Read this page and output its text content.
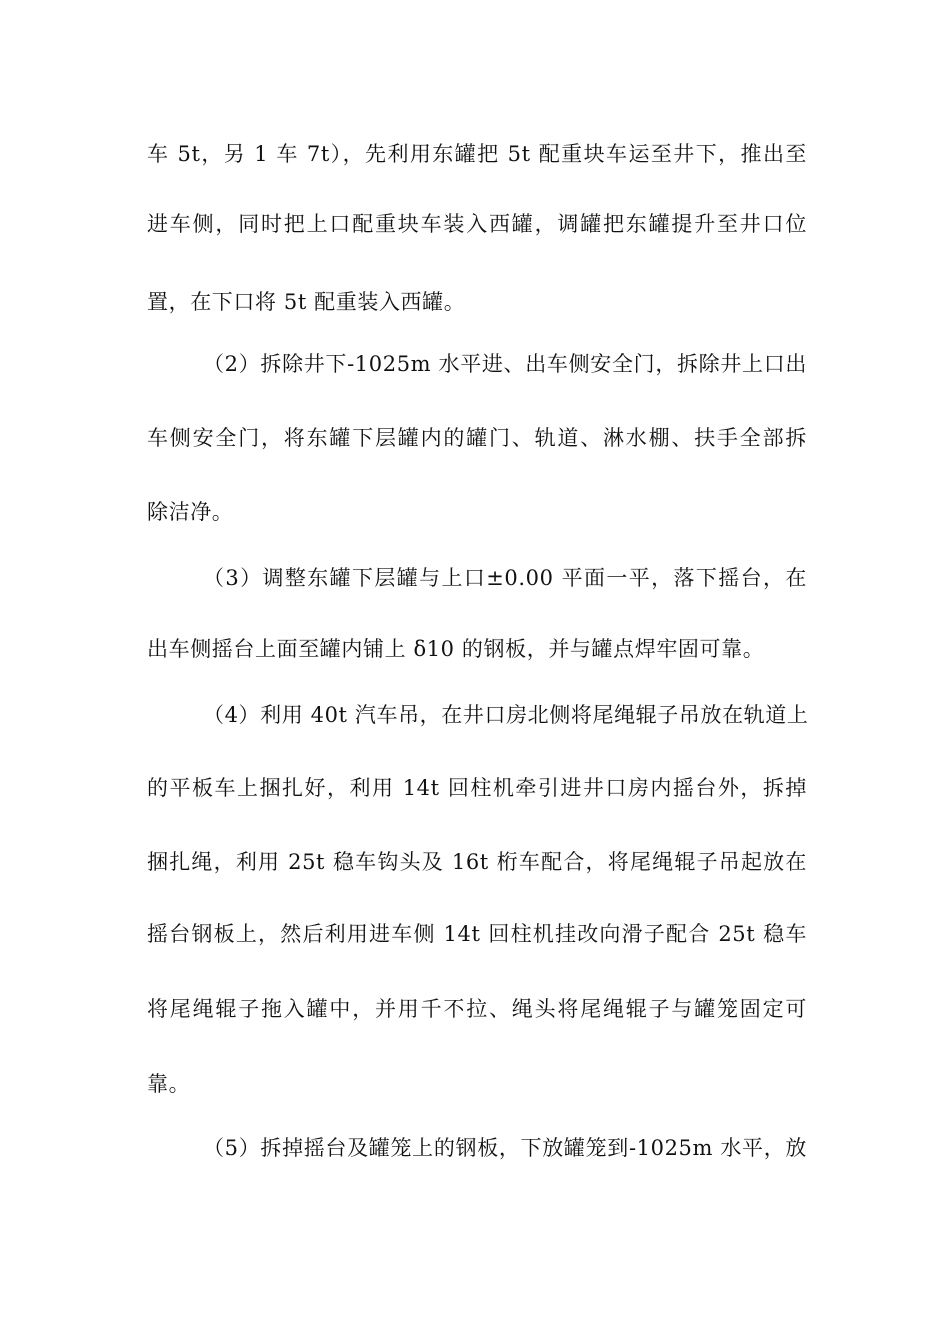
车 5t，另 1 车 7t），先利用东罐把 5t 配重块车运至井下，推出至
进车侧，同时把上口配重块车装入西罐，调罐把东罐提升至井口位
置，在下口将 5t 配重装入西罐。
（2）拆除井下-1025m 水平进、出车侧安全门，拆除井上口出
车侧安全门，将东罐下层罐内的罐门、轨道、淋水棚、扶手全部拆
除洁净。
（3）调整东罐下层罐与上口±0.00 平面一平，落下摇台，在
出车侧摇台上面至罐内铺上 δ10 的钢板，并与罐点焊牢固可靠。
（4）利用 40t 汽车吊，在井口房北侧将尾绳辊子吊放在轨道上
的平板车上捆扎好，利用 14t 回柱机牵引进井口房内摇台外，拆掉
捆扎绳，利用 25t 稳车钩头及 16t 桁车配合，将尾绳辊子吊起放在
摇台钢板上，然后利用进车侧 14t 回柱机挂改向滑子配合 25t 稳车
将尾绳辊子拖入罐中，并用千不拉、绳头将尾绳辊子与罐笼固定可
靠。
（5）拆掉摇台及罐笼上的钢板，下放罐笼到-1025m 水平，放
